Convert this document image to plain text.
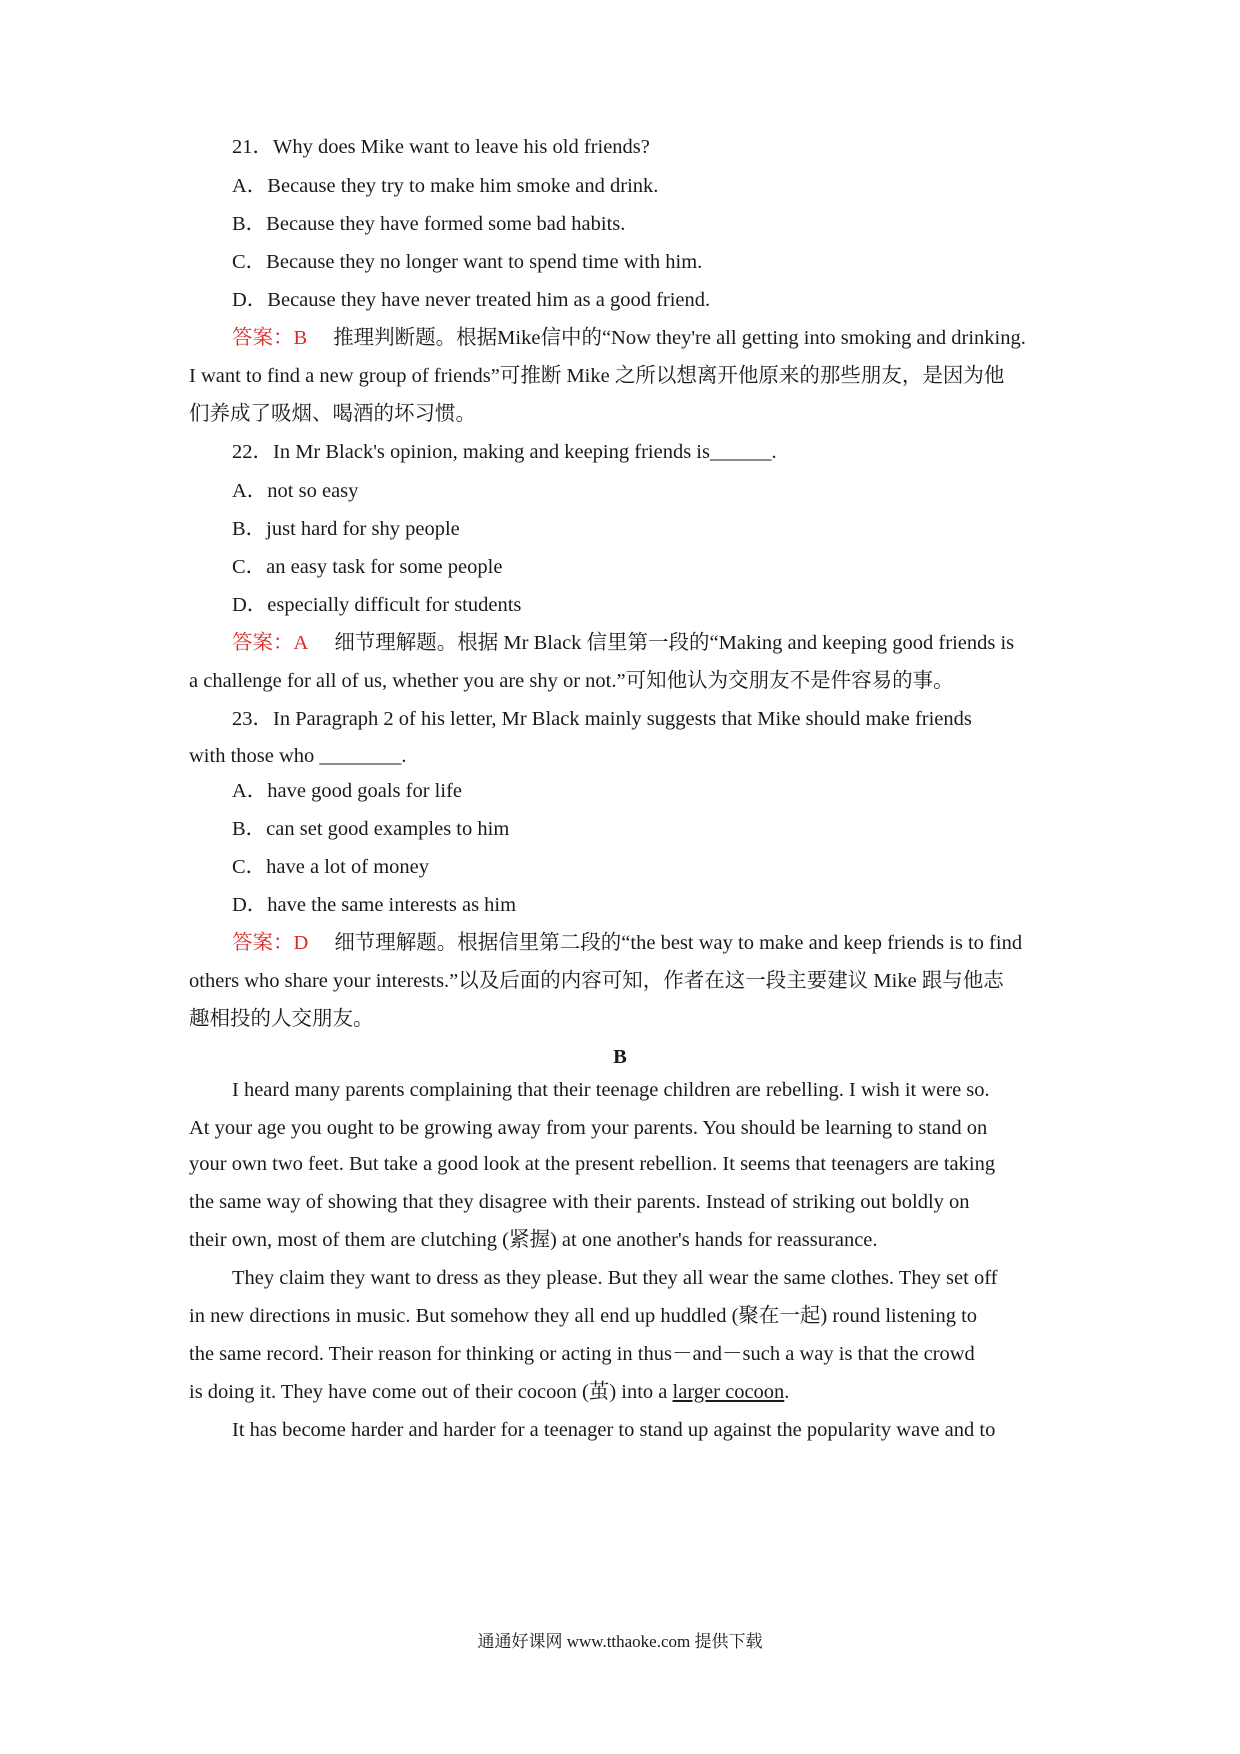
21．Why does Mike want to leave his old friends?
A．Because they try to make him smoke and drink.
B．Because they have formed some bad habits.
C．Because they no longer want to spend time with him.
D．Because they have never treated him as a good friend.
答案：B 推理判断题。根据Mike信中的“Now they're all getting into smoking and drinking.
I want to find a new group of friends”可推断 Mike 之所以想离开他原来的那些朋友，是因为他
们养成了吸烟、喝酒的坏习惯。
22．In Mr Black's opinion, making and keeping friends is______.
A．not so easy
B．just hard for shy people
C．an easy task for some people
D．especially difficult for students
答案：A 细节理解题。根据 Mr Black 信里第一段的“Making and keeping good friends is
a challenge for all of us, whether you are shy or not.”可知他认为交朋友不是件容易的事。
23．In Paragraph 2 of his letter, Mr Black mainly suggests that Mike should make friends
with those who ________.
A．have good goals for life
B．can set good examples to him
C．have a lot of money
D．have the same interests as him
答案：D 细节理解题。根据信里第二段的“the best way to make and keep friends is to find
others who share your interests.”以及后面的内容可知，作者在这一段主要建议 Mike 跟与他志
趣相投的人交朋友。
B
I heard many parents complaining that their teenage children are rebelling. I wish it were so.
At your age you ought to be growing away from your parents. You should be learning to stand on
your own two feet. But take a good look at the present rebellion. It seems that teenagers are taking
the same way of showing that they disagree with their parents. Instead of striking out boldly on
their own, most of them are clutching (紧握) at one another's hands for reassurance.
They claim they want to dress as they please. But they all wear the same clothes. They set off
in new directions in music. But somehow they all end up huddled (聚在一起) round listening to
the same record. Their reason for thinking or acting in thus－and－such a way is that the crowd
is doing it. They have come out of their cocoon (茧) into a larger cocoon.
It has become harder and harder for a teenager to stand up against the popularity wave and to
通通好课网 www.tthaoke.com 提供下载
